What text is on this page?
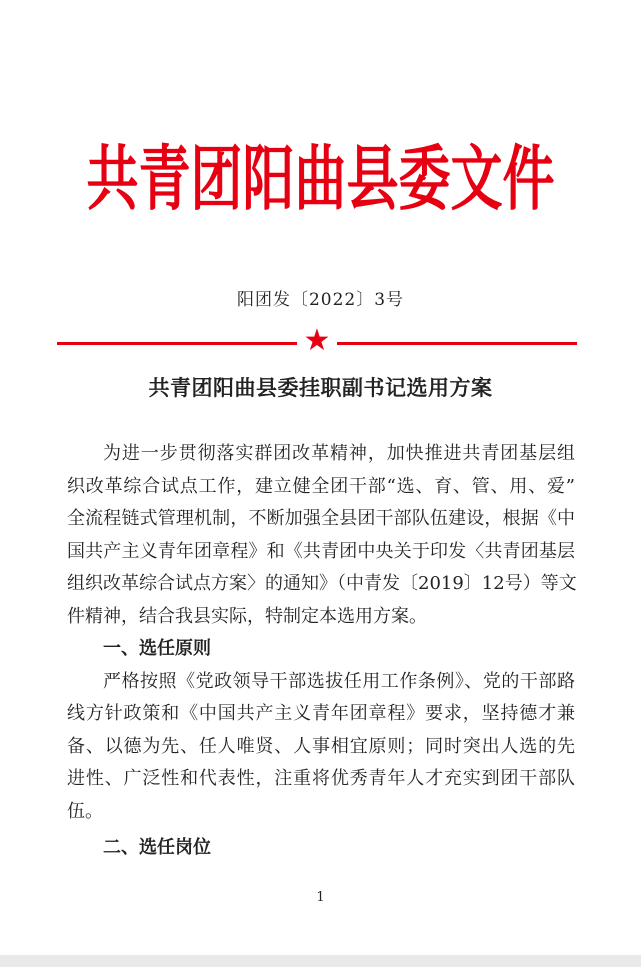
共青团阳曲县委文件
阳团发〔2022〕3号
★
共青团阳曲县委挂职副书记选用方案
为进一步贯彻落实群团改革精神，加快推进共青团基层组
织改革综合试点工作，建立健全团干部“选、育、管、用、爱”
全流程链式管理机制，不断加强全县团干部队伍建设，根据《中
国共产主义青年团章程》和《共青团中央关于印发〈共青团基层
组织改革综合试点方案〉的通知》（中青发〔2019〕12号）等文
件精神，结合我县实际，特制定本选用方案。
一、选任原则
严格按照《党政领导干部选拔任用工作条例》、党的干部路
线方针政策和《中国共产主义青年团章程》要求，坚持德才兼
备、以德为先、任人唯贤、人事相宜原则；同时突出人选的先
进性、广泛性和代表性，注重将优秀青年人才充实到团干部队
伍。
二、选任岗位
1
